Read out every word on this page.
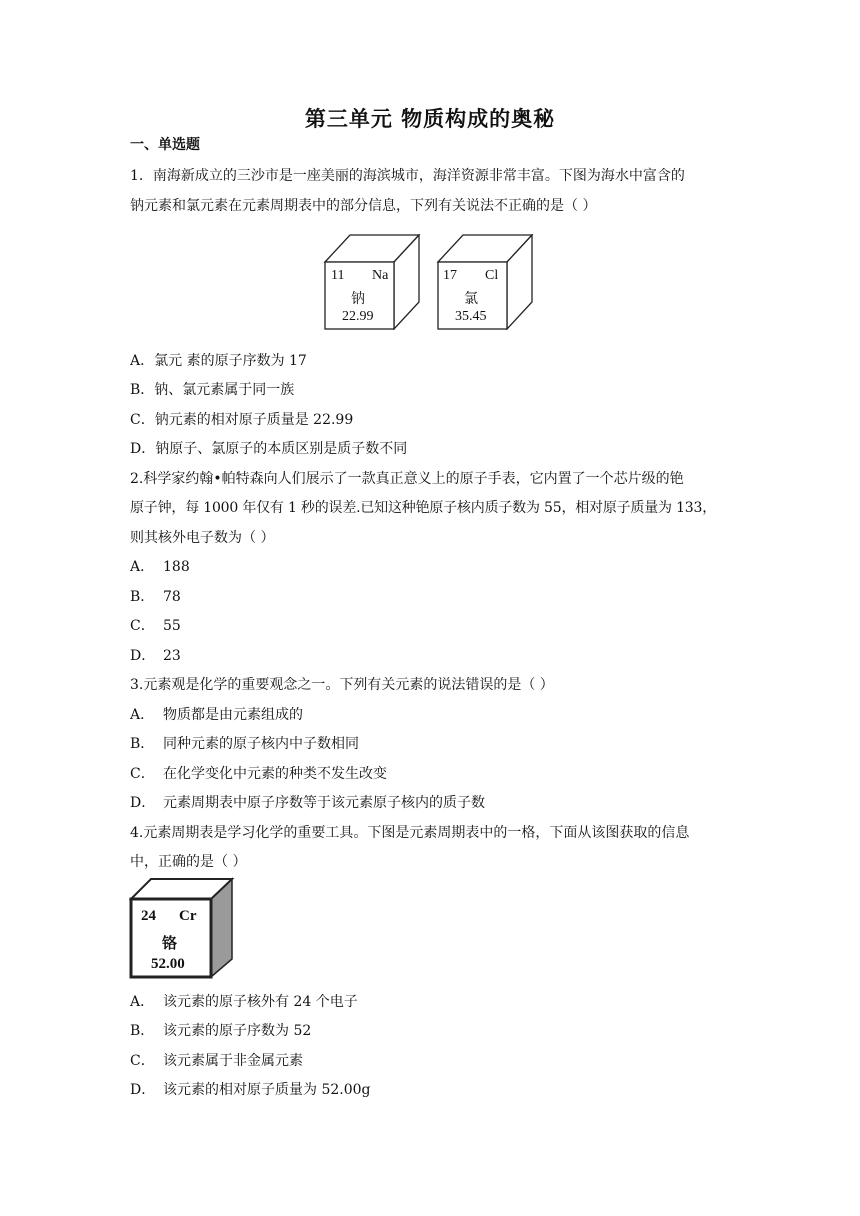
第三单元 物质构成的奥秘
一、单选题
1．南海新成立的三沙市是一座美丽的海滨城市，海洋资源非常丰富。下图为海水中富含的
钠元素和氯元素在元素周期表中的部分信息，下列有关说法不正确的是（ ）
11 Na
钠
22.99
17 Cl
氯
35.45
A．氯元 素的原子序数为 17
B．钠、氯元素属于同一族
C．钠元素的相对原子质量是 22.99
D．钠原子、氯原子的本质区别是质子数不同
2.科学家约翰•帕特森向人们展示了一款真正意义上的原子手表，它内置了一个芯片级的铯
原子钟，每 1000 年仅有 1 秒的误差.已知这种铯原子核内质子数为 55，相对原子质量为 133，
则其核外电子数为（ ）
A． 188
B． 78
C． 55
D． 23
3.元素观是化学的重要观念之一。下列有关元素的说法错误的是（ ）
A． 物质都是由元素组成的
B． 同种元素的原子核内中子数相同
C． 在化学变化中元素的种类不发生改变
D． 元素周期表中原子序数等于该元素原子核内的质子数
4.元素周期表是学习化学的重要工具。下图是元素周期表中的一格，下面从该图获取的信息
中，正确的是（ ）
24 Cr
铬
52.00
A． 该元素的原子核外有 24 个电子
B． 该元素的原子序数为 52
C． 该元素属于非金属元素
D． 该元素的相对原子质量为 52.00g
